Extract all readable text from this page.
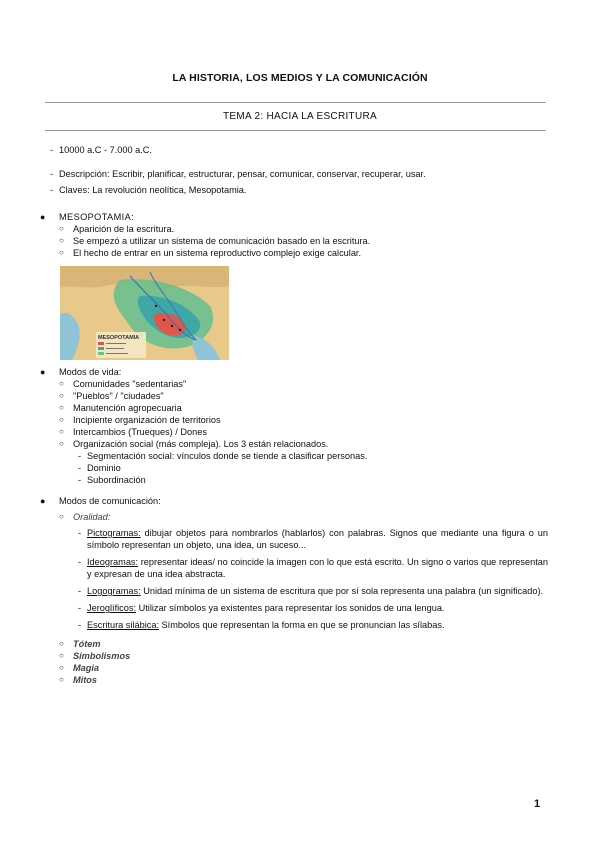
LA HISTORIA, LOS MEDIOS Y LA COMUNICACIÓN
TEMA 2: HACIA LA ESCRITURA
- 10000 a.C - 7.000 a.C.
- Descripción: Escribir, planificar, estructurar, pensar, comunicar, conservar, recuperar, usar.
- Claves: La revolución neolítica, Mesopotamia.
● MESOPOTAMIA:
○ Aparición de la escritura.
○ Se empezó a utilizar un sistema de comunicación basado en la escritura.
○ El hecho de entrar en un sistema reproductivo complejo exige calcular.
MESOPOTAMIA
● Modos de vida:
○ Comunidades "sedentarias"
○ "Pueblos" / "ciudades"
○ Manutención agropecuaria
○ Incipiente organización de territorios
○ Intercambios (Trueques) / Dones
○ Organización social (más compleja). Los 3 están relacionados.
- Segmentación social: vínculos donde se tiende a clasificar personas.
- Dominio
- Subordinación
● Modos de comunicación:
○ Oralidad:
- Pictogramas: dibujar objetos para nombrarlos (hablarlos) con palabras. Signos que mediante una figura o un símbolo representan un objeto, una idea, un suceso...
- Ideogramas: representar ideas/ no coincide la imagen con lo que está escrito. Un signo o varios que representan y expresan de una idea abstracta.
- Logogramas: Unidad mínima de un sistema de escritura que por sí sola representa una palabra (un significado).
- Jeroglíficos: Utilizar símbolos ya existentes para representar los sonidos de una lengua.
- Escritura silábica: Símbolos que representan la forma en que se pronuncian las sílabas.
○ Tótem
○ Simbolismos
○ Magia
○ Mitos
1
